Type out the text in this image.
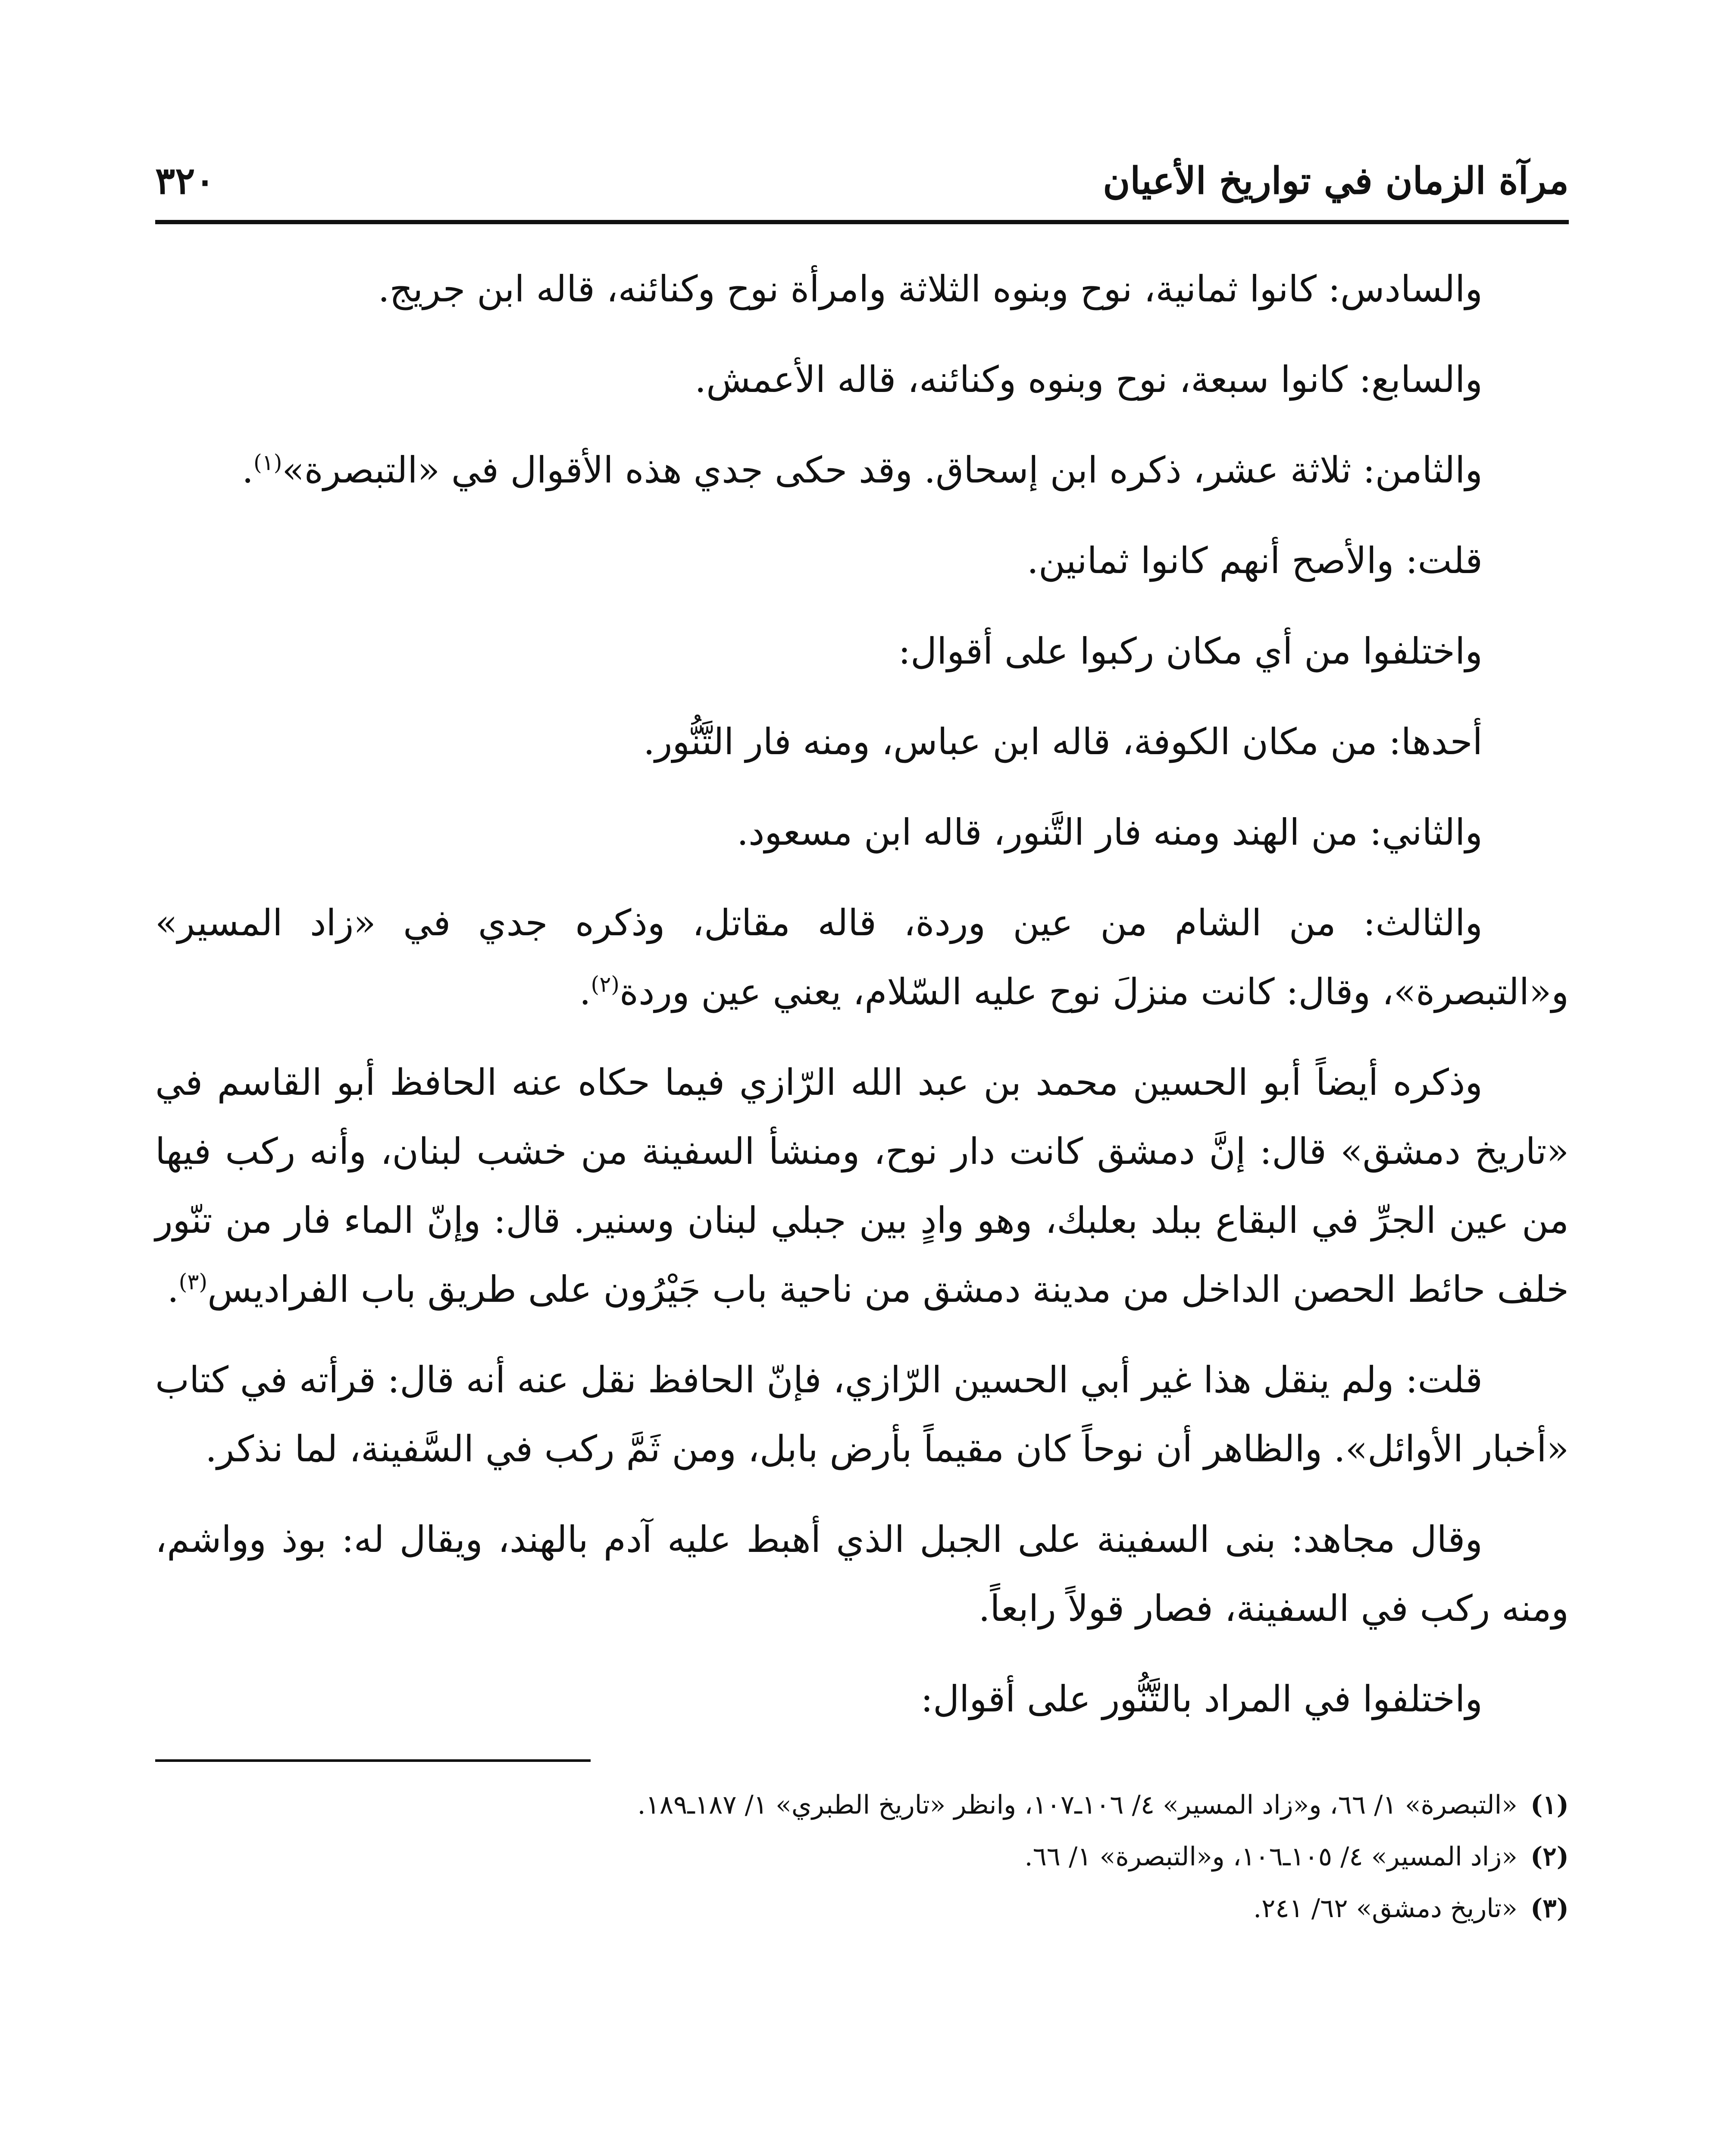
مرآة الزمان في تواريخ الأعيان
٣٢٠

والسادس: كانوا ثمانية، نوح وبنوه الثلاثة وامرأة نوح وكنائنه، قاله ابن جريج.

والسابع: كانوا سبعة، نوح وبنوه وكنائنه، قاله الأعمش.

والثامن: ثلاثة عشر، ذكره ابن إسحاق. وقد حكى جدي هذه الأقوال في «التبصرة»$^{(١)}$.

قلت: والأصح أنهم كانوا ثمانين.

واختلفوا من أي مكان ركبوا على أقوال:

أحدها: من مكان الكوفة، قاله ابن عباس، ومنه فار التَّنُّور.

والثاني: من الهند ومنه فار التَّنور، قاله ابن مسعود.

والثالث: من الشام من عين وردة، قاله مقاتل، وذكره جدي في «زاد المسير» و«التبصرة»، وقال: كانت منزلَ نوح عليه السّلام، يعني عين وردة$^{(٢)}$.

وذكره أيضاً أبو الحسين محمد بن عبد الله الرّازي فيما حكاه عنه الحافظ أبو القاسم في «تاريخ دمشق» قال: إنَّ دمشق كانت دار نوح، ومنشأ السفينة من خشب لبنان، وأنه ركب فيها من عين الجرِّ في البقاع ببلد بعلبك، وهو وادٍ بين جبلي لبنان وسنير. قال: وإنّ الماء فار من تنّور خلف حائط الحصن الداخل من مدينة دمشق من ناحية باب جَيْرُون على طريق باب الفراديس$^{(٣)}$.

قلت: ولم ينقل هذا غير أبي الحسين الرّازي، فإنّ الحافظ نقل عنه أنه قال: قرأته في كتاب «أخبار الأوائل». والظاهر أن نوحاً كان مقيماً بأرض بابل، ومن ثَمَّ ركب في السَّفينة، لما نذكر.

وقال مجاهد: بنى السفينة على الجبل الذي أهبط عليه آدم بالهند، ويقال له: بوذ وواشم، ومنه ركب في السفينة، فصار قولاً رابعاً.

واختلفوا في المراد بالتَّنُّور على أقوال:

(١)«التبصرة» ١/ ٦٦، و«زاد المسير» ٤/ ١٠٦ـ١٠٧، وانظر «تاريخ الطبري» ١/ ١٨٧ـ١٨٩.

(٢)«زاد المسير» ٤/ ١٠٥ـ١٠٦، و«التبصرة» ١/ ٦٦.

(٣)«تاريخ دمشق» ٦٢/ ٢٤١.
